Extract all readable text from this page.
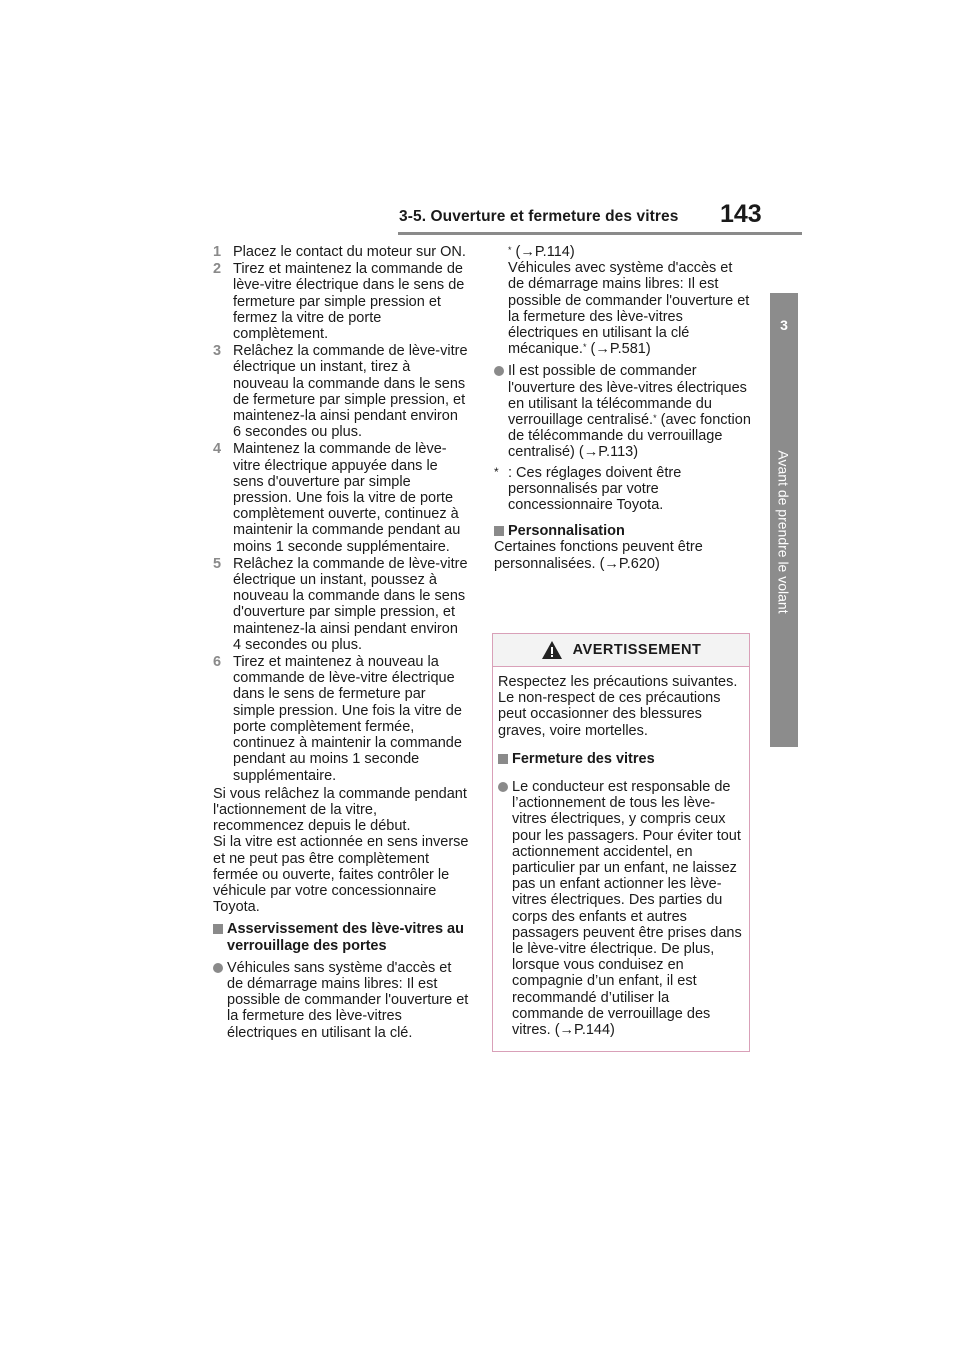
3-5. Ouverture et fermeture des vitres 143
3
Avant de prendre le volant
1 Placez le contact du moteur sur ON.
2 Tirez et maintenez la commande de lève-vitre électrique dans le sens de fermeture par simple pression et fermez la vitre de porte complètement.
3 Relâchez la commande de lève-vitre électrique un instant, tirez à nouveau la commande dans le sens de fermeture par simple pression, et maintenez-la ainsi pendant environ 6 secondes ou plus.
4 Maintenez la commande de lève-vitre électrique appuyée dans le sens d'ouverture par simple pression. Une fois la vitre de porte complètement ouverte, continuez à maintenir la commande pendant au moins 1 seconde supplémentaire.
5 Relâchez la commande de lève-vitre électrique un instant, poussez à nouveau la commande dans le sens d'ouverture par simple pression, et maintenez-la ainsi pendant environ 4 secondes ou plus.
6 Tirez et maintenez à nouveau la commande de lève-vitre électrique dans le sens de fermeture par simple pression. Une fois la vitre de porte complètement fermée, continuez à maintenir la commande pendant au moins 1 seconde supplémentaire.

Si vous relâchez la commande pendant l'actionnement de la vitre, recommencez depuis le début.

Si la vitre est actionnée en sens inverse et ne peut pas être complètement fermée ou ouverte, faites contrôler le véhicule par votre concessionnaire Toyota.

Asservissement des lève-vitres au verrouillage des portes
Véhicules sans système d'accès et de démarrage mains libres: Il est possible de commander l'ouverture et la fermeture des lève-vitres électriques en utilisant la clé.
* (→P.114)
Véhicules avec système d'accès et de démarrage mains libres: Il est possible de commander l'ouverture et la fermeture des lève-vitres électriques en utilisant la clé mécanique.* (→P.581)
Il est possible de commander l'ouverture des lève-vitres électriques en utilisant la télécommande du verrouillage centralisé.* (avec fonction de télécommande du verrouillage centralisé) (→P.113)
* : Ces réglages doivent être personnalisés par votre concessionnaire Toyota.
Personnalisation

Certaines fonctions peuvent être personnalisées. (→P.620)

AVERTISSEMENT

Respectez les précautions suivantes. Le non-respect de ces précautions peut occasionner des blessures graves, voire mortelles.

Fermeture des vitres
Le conducteur est responsable de l’actionnement de tous les lève-vitres électriques, y compris ceux pour les passagers. Pour éviter tout actionnement accidentel, en particulier par un enfant, ne laissez pas un enfant actionner les lève-vitres électriques. Des parties du corps des enfants et autres passagers peuvent être prises dans le lève-vitre électrique. De plus, lorsque vous conduisez en compagnie d’un enfant, il est recommandé d’utiliser la commande de verrouillage des vitres. (→P.144)
